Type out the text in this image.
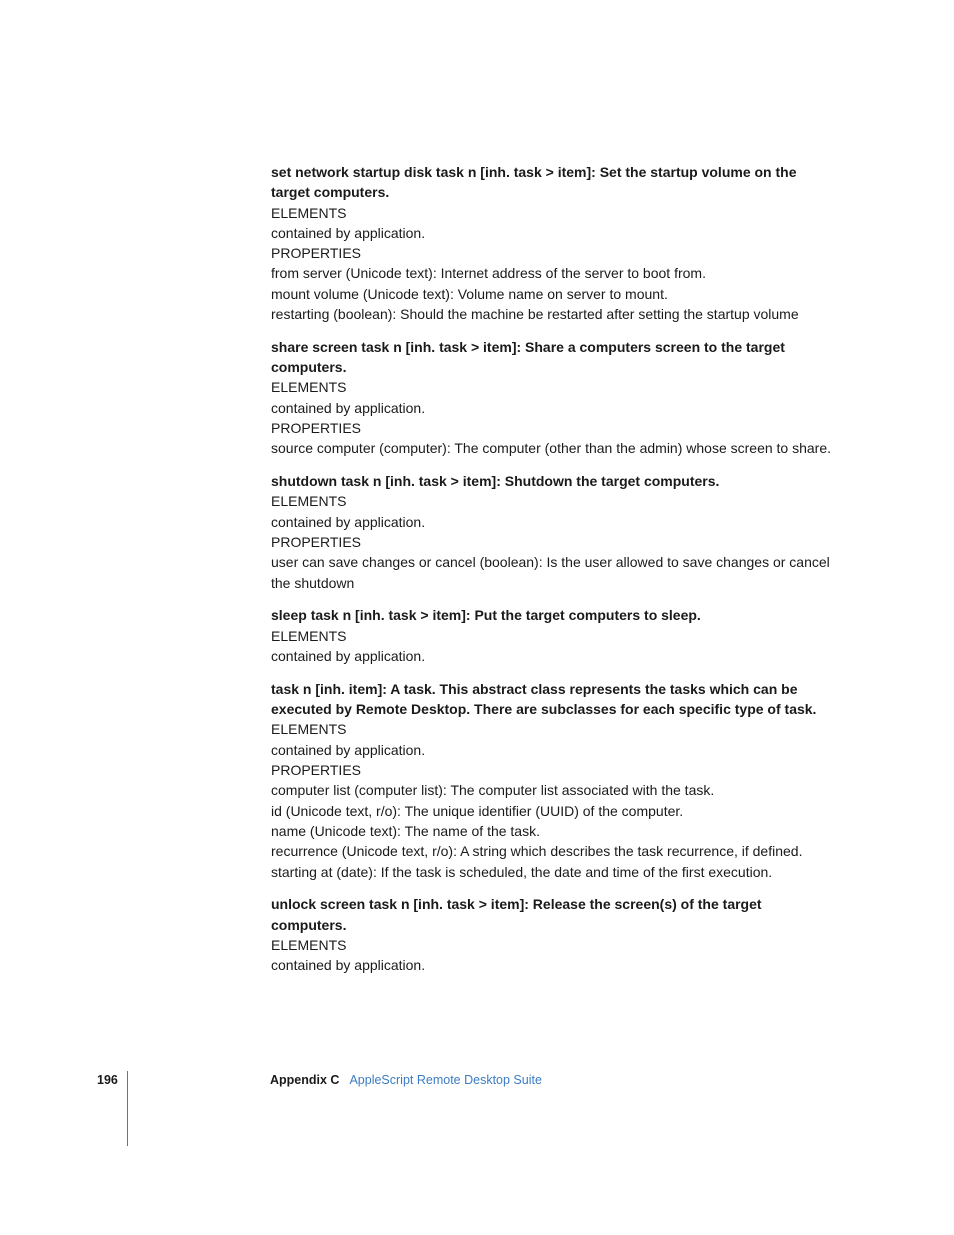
set network startup disk task n [inh. task > item]: Set the startup volume on the target computers.

ELEMENTS

contained by application.

PROPERTIES

from server (Unicode text): Internet address of the server to boot from.

mount volume (Unicode text): Volume name on server to mount.

restarting (boolean): Should the machine be restarted after setting the startup volume

share screen task n [inh. task > item]: Share a computers screen to the target computers.

ELEMENTS

contained by application.

PROPERTIES

source computer (computer): The computer (other than the admin) whose screen to share.

shutdown task n [inh. task > item]: Shutdown the target computers.

ELEMENTS

contained by application.

PROPERTIES

user can save changes or cancel (boolean): Is the user allowed to save changes or cancel the shutdown

sleep task n [inh. task > item]: Put the target computers to sleep.

ELEMENTS

contained by application.

task n [inh. item]: A task. This abstract class represents the tasks which can be executed by Remote Desktop. There are subclasses for each specific type of task.

ELEMENTS

contained by application.

PROPERTIES

computer list (computer list): The computer list associated with the task.

id (Unicode text, r/o): The unique identifier (UUID) of the computer.

name (Unicode text): The name of the task.

recurrence (Unicode text, r/o): A string which describes the task recurrence, if defined.

starting at (date): If the task is scheduled, the date and time of the first execution.

unlock screen task n [inh. task > item]: Release the screen(s) of the target computers.

ELEMENTS

contained by application.

196	Appendix C AppleScript Remote Desktop Suite
